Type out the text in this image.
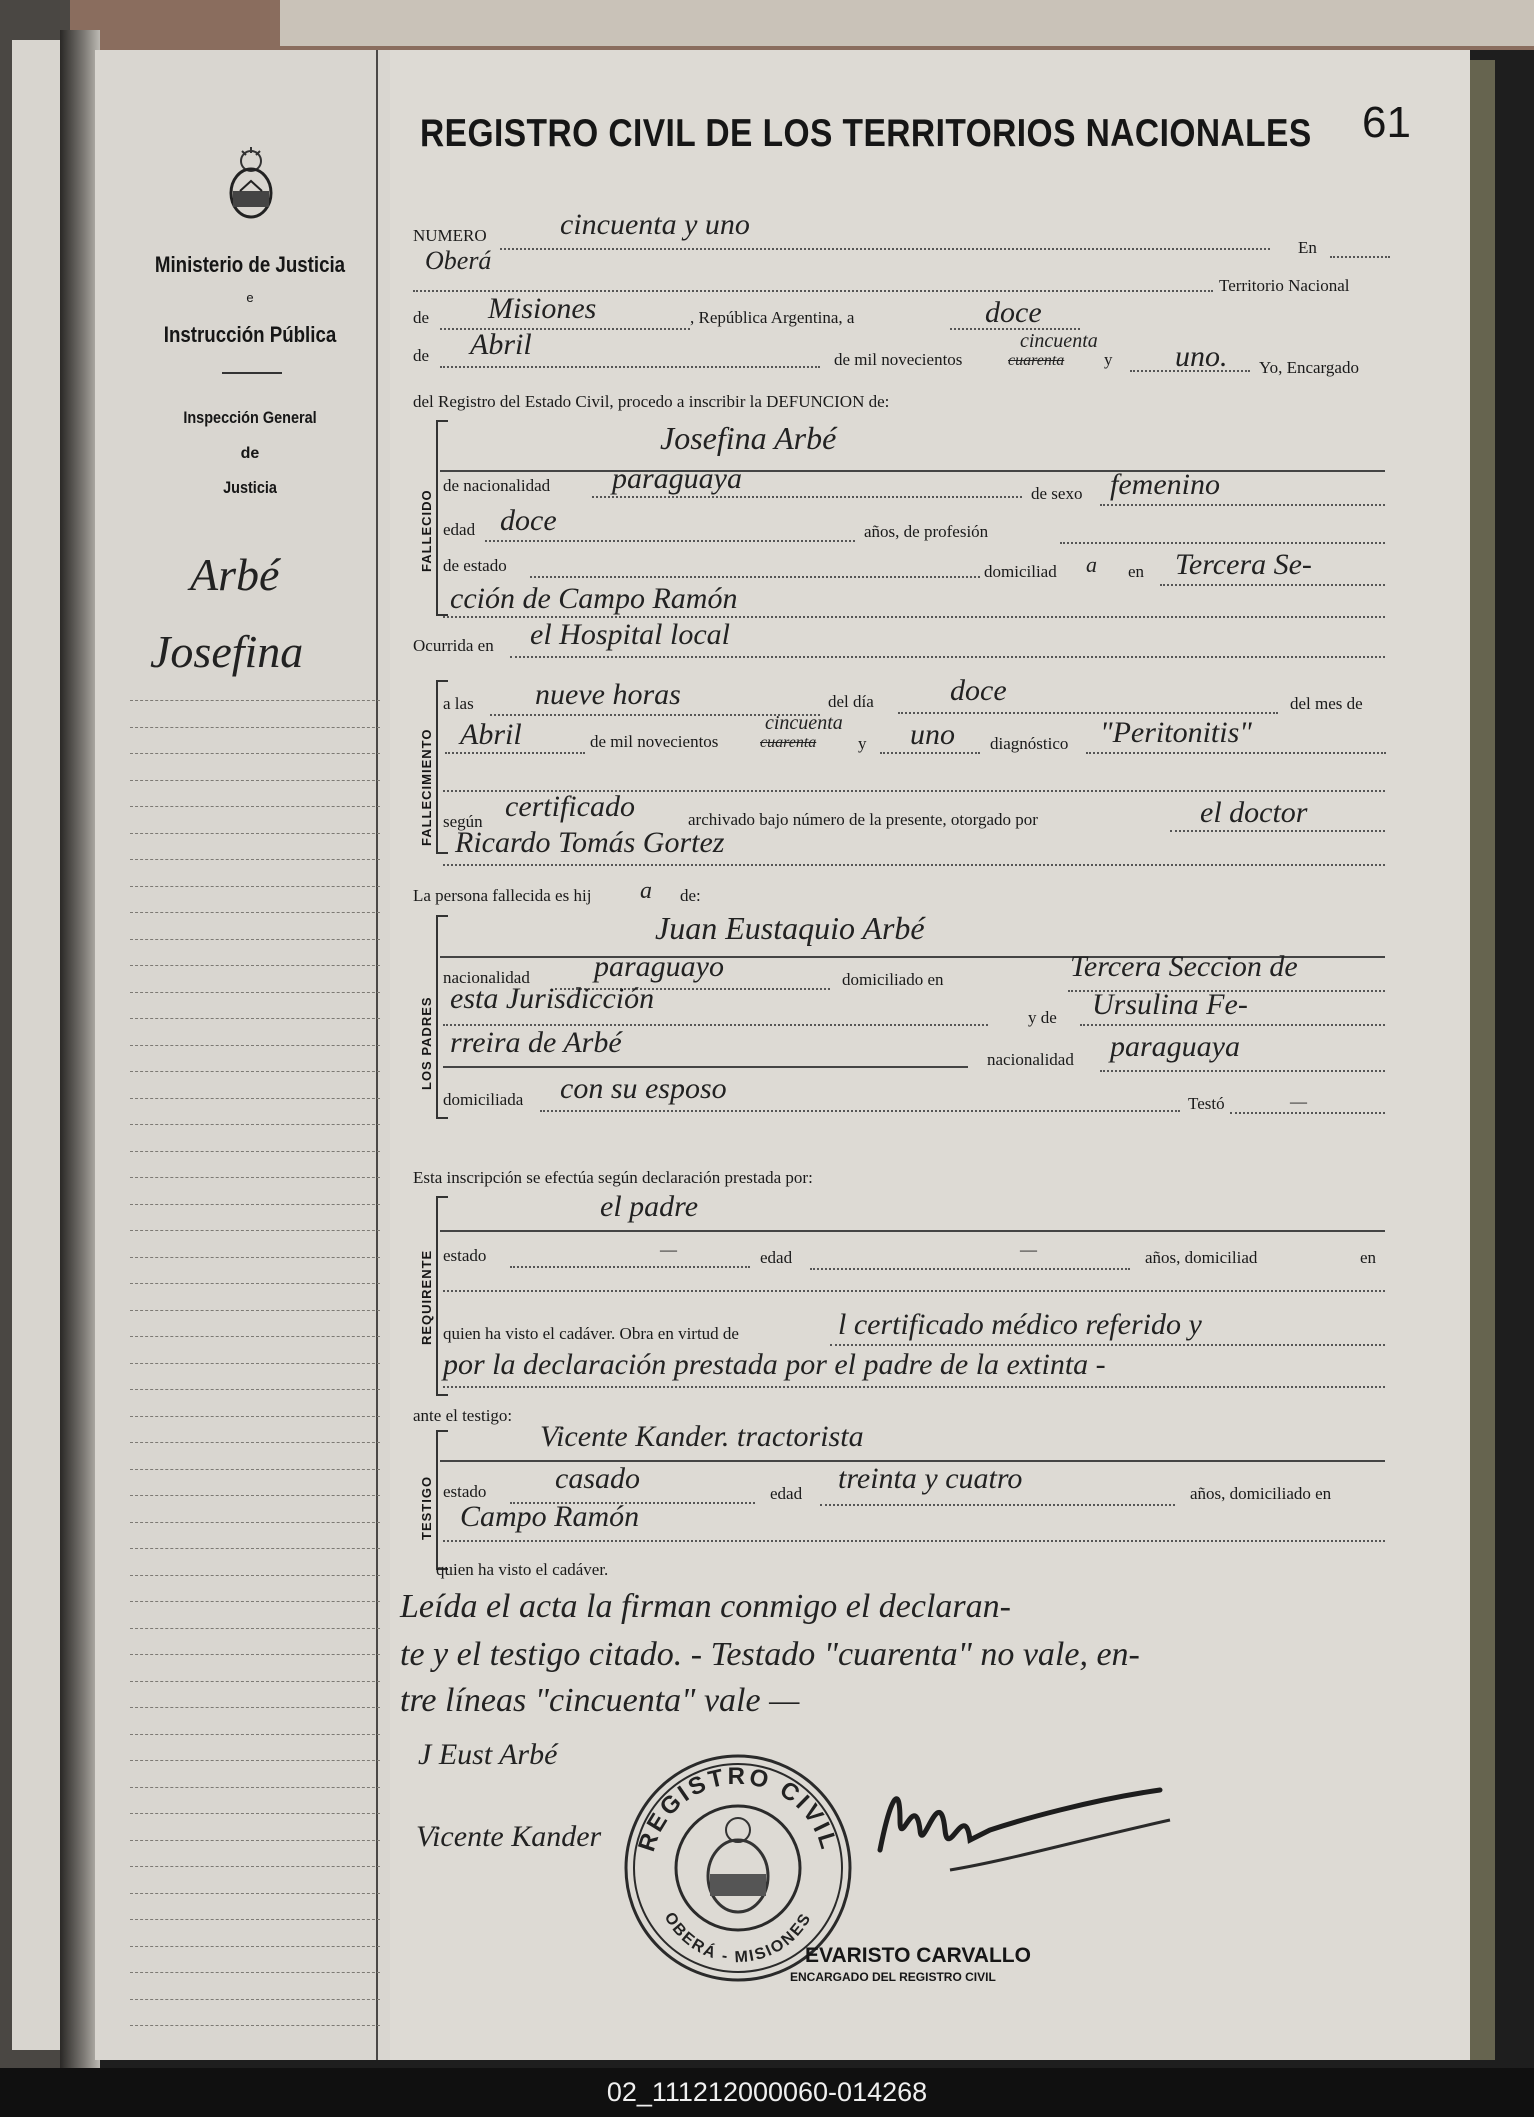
Ministerio de Justicia
e
Instrucción Pública
Inspección General
de
Justicia
Arbé
Josefina
REGISTRO CIVIL DE LOS TERRITORIOS NACIONALES 61
NUMERO cincuenta y uno
En
Oberá
Territorio Nacional
de Misiones	, República Argentina, a	doce
de Abril	de mil novecientos	cuarenta
cincuenta
y uno. Yo, Encargado
del Registro del Estado Civil, procedo a inscribir la DEFUNCION de:
FALLECIDO
Josefina Arbé
de nacionalidad paraguaya	de sexo femenino
edad doce	años, de profesión
de estado	domiciliad a en Tercera Se-
cción de Campo Ramón
Ocurrida en el Hospital local
FALLECIMIENTO
a las nueve horas	del día	doce	del mes de
Abril	de mil novecientos	cuarenta
cincuenta
y uno diagnóstico "Peritonitis"
según certificado	archivado bajo número de la presente, otorgado por	el doctor
Ricardo Tomás Gortez
La persona fallecida es hij a de:
LOS PADRES
Juan Eustaquio Arbé
nacionalidad paraguayo	domiciliado en	Tercera Seccion de
esta Jurisdicción
y de Ursulina Fe-
rreira de Arbé
nacionalidad paraguaya
domiciliada con su esposo	Testó	—
Esta inscripción se efectúa según declaración prestada por:
REQUIRENTE
el padre
estado	—	edad	—	años, domiciliad	en
quien ha visto el cadáver. Obra en virtud de	l certificado médico referido y
por la declaración prestada por el padre de la extinta -
ante el testigo:
TESTIGO
Vicente Kander. tractorista
estado casado	edad treinta y cuatro	años, domiciliado en
Campo Ramón
quien ha visto el cadáver.
Leída el acta la firman conmigo el declaran-
te y el testigo citado. - Testado "cuarenta" no vale, en-
tre líneas "cincuenta" vale —
J Eust Arbé
Vicente Kander REGISTRO CIVIL
OBERÁ - MISIONES
EVARISTO CARVALLO
ENCARGADO DEL REGISTRO CIVIL
02_111212000060-014268
